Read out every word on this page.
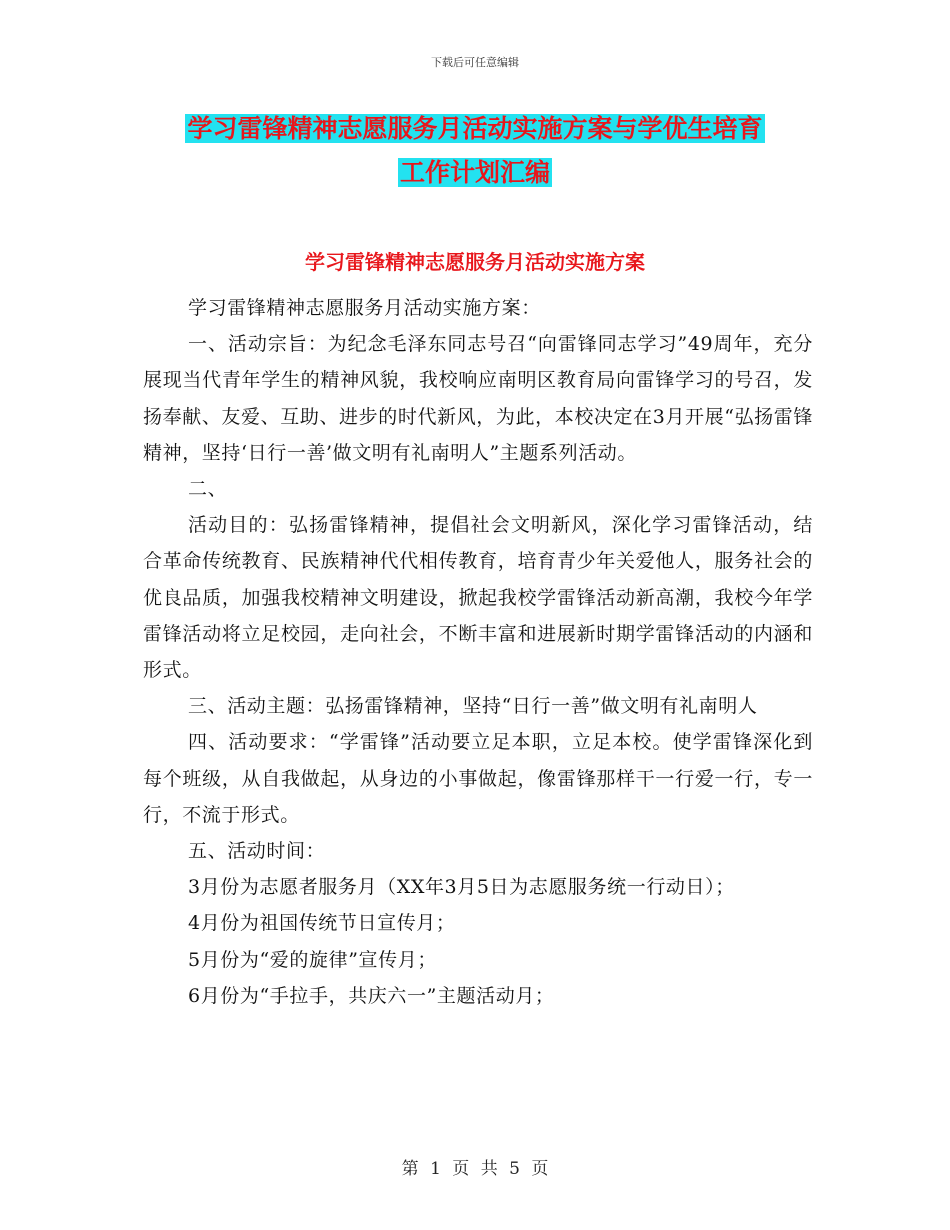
下载后可任意编辑
学习雷锋精神志愿服务月活动实施方案与学优生培育
工作计划汇编
学习雷锋精神志愿服务月活动实施方案

学习雷锋精神志愿服务月活动实施方案：

一、活动宗旨：为纪念毛泽东同志号召“向雷锋同志学习”49周年，充分展现当代青年学生的精神风貌，我校响应南明区教育局向雷锋学习的号召，发扬奉献、友爱、互助、进步的时代新风，为此，本校决定在3月开展“弘扬雷锋精神，坚持‘日行一善’做文明有礼南明人”主题系列活动。

二、

活动目的：弘扬雷锋精神，提倡社会文明新风，深化学习雷锋活动，结合革命传统教育、民族精神代代相传教育，培育青少年关爱他人，服务社会的优良品质，加强我校精神文明建设，掀起我校学雷锋活动新高潮，我校今年学雷锋活动将立足校园，走向社会，不断丰富和进展新时期学雷锋活动的内涵和形式。

三、活动主题：弘扬雷锋精神，坚持“日行一善”做文明有礼南明人

四、活动要求：“学雷锋”活动要立足本职，立足本校。使学雷锋深化到每个班级，从自我做起，从身边的小事做起，像雷锋那样干一行爱一行，专一行，不流于形式。

五、活动时间：

3月份为志愿者服务月（XX年3月5日为志愿服务统一行动日）；

4月份为祖国传统节日宣传月；

5月份为“爱的旋律”宣传月；

6月份为“手拉手，共庆六一”主题活动月；

第 1 页 共 5 页
